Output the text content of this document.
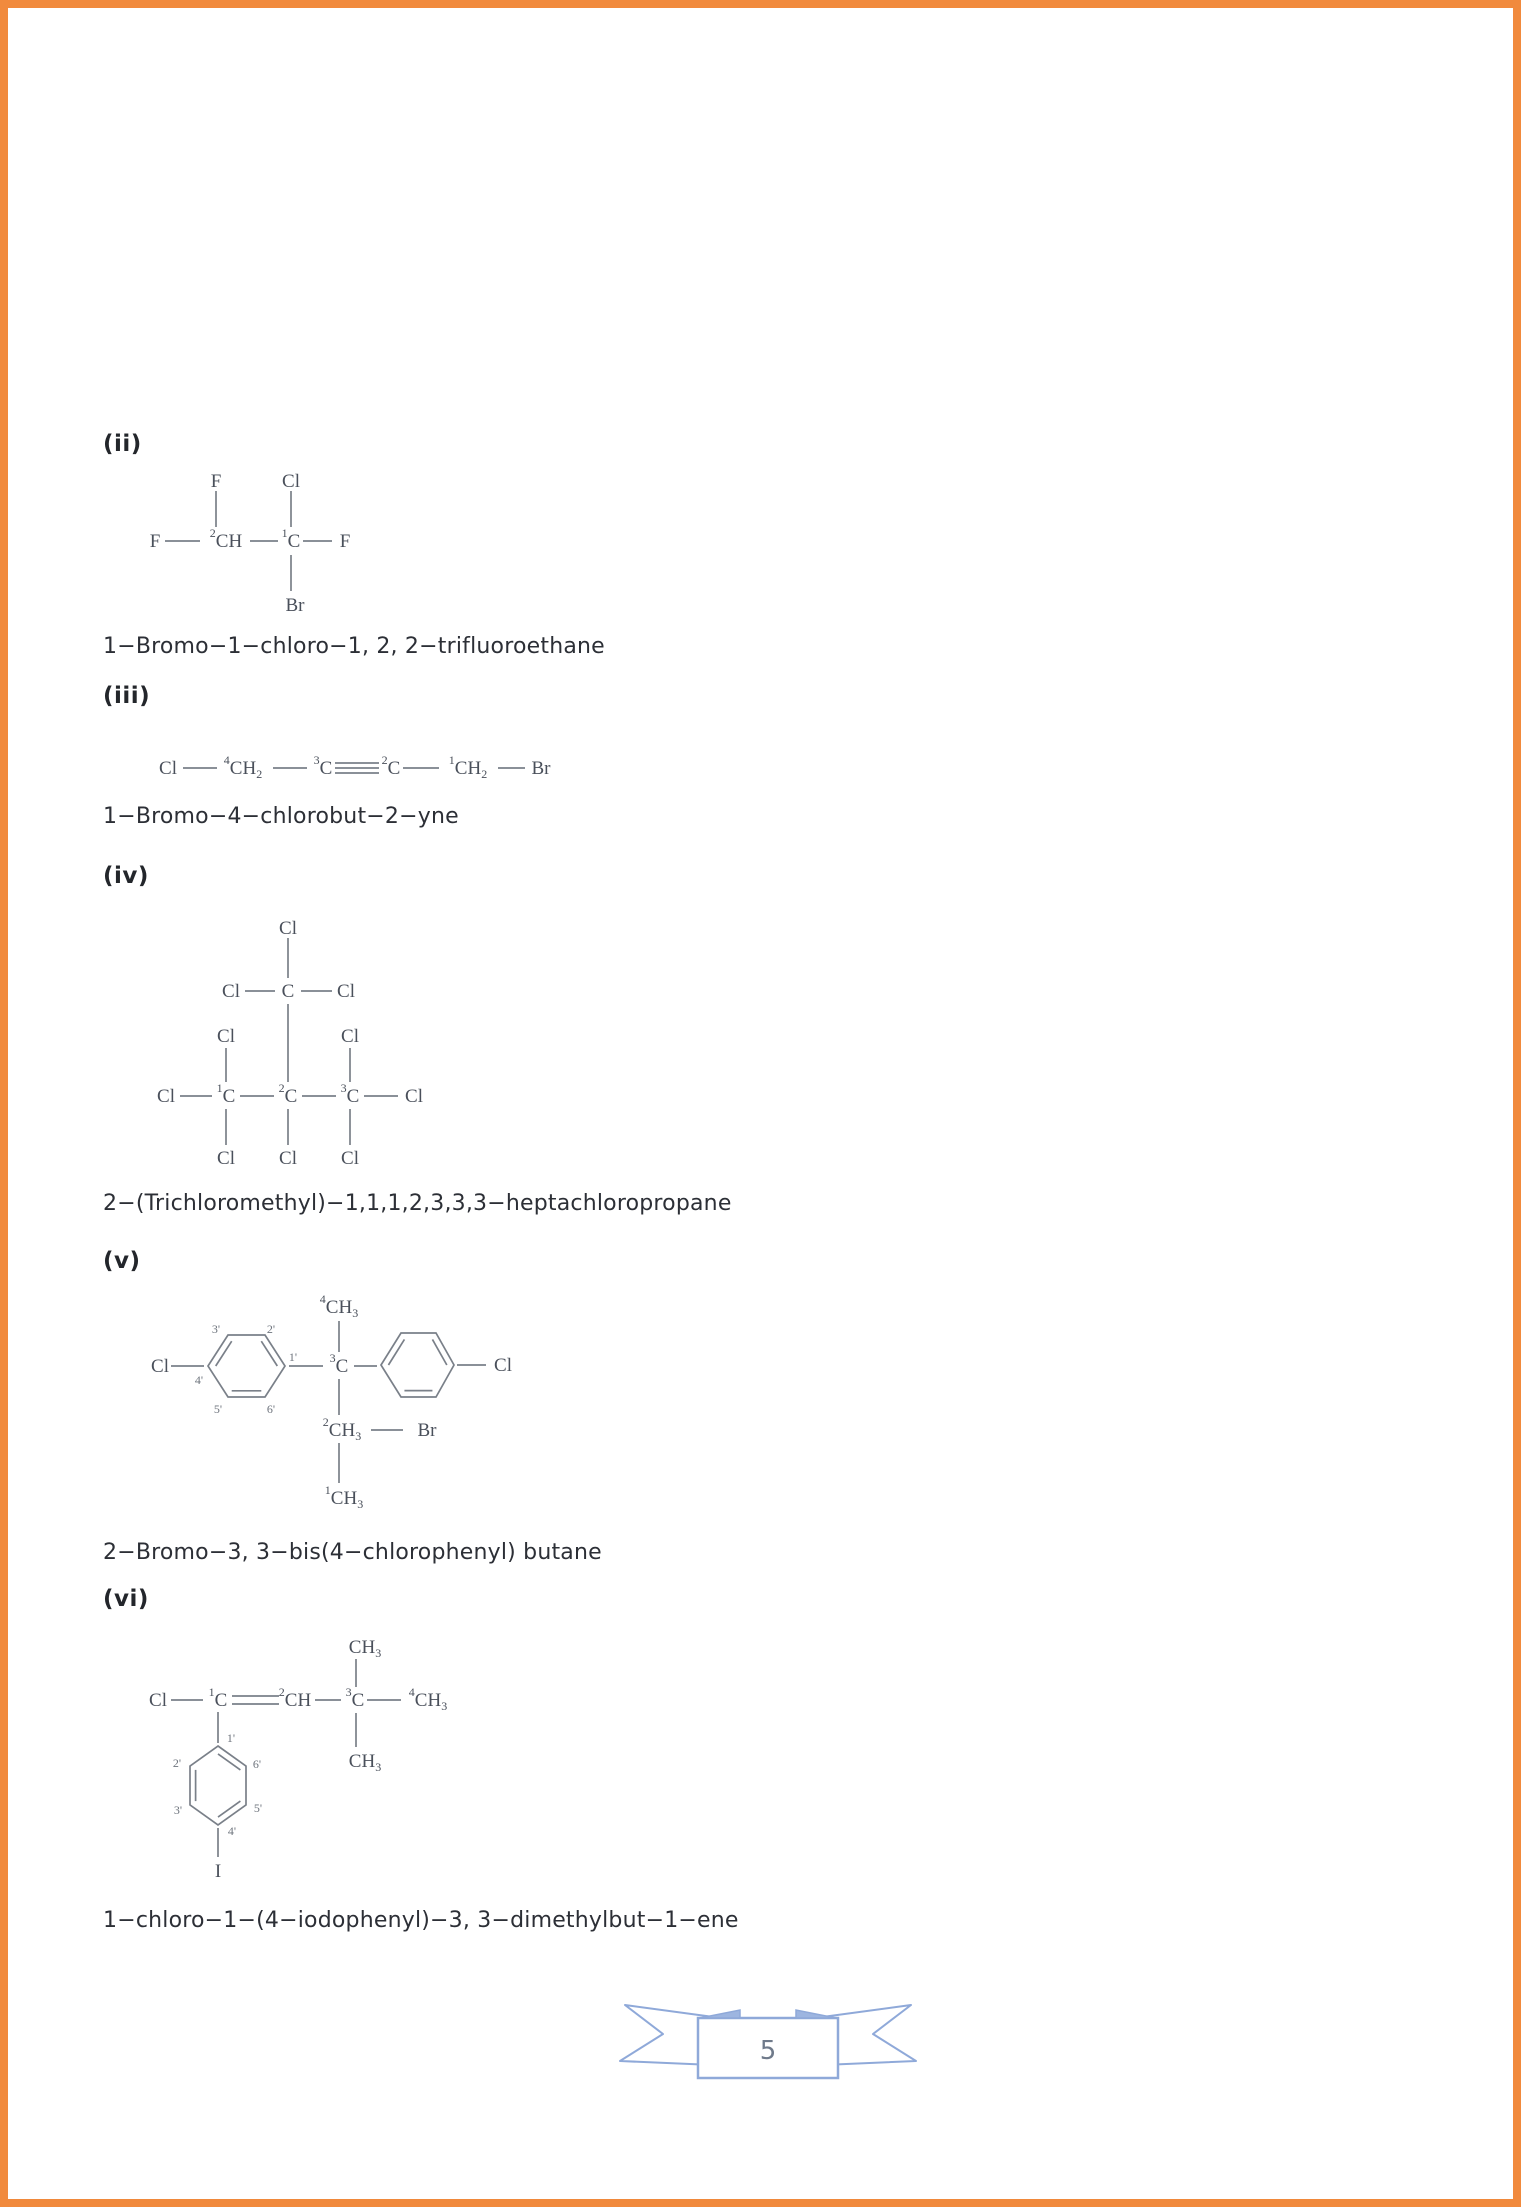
(ii)
F	Cl
F	$^2$CH	$^1$C F
Br
1−Bromo−1−chloro−1, 2, 2−trifluoroethane
(iii)
Cl	$^4CH_2$
$^3$C	$^2$C	$^1CH_2$ Br
1−Bromo−4−chlorobut−2−yne
(iv)
Cl
Cl C Cl
Cl	Cl
Cl	$^1$C	$^2$C	$^3$C Cl
Cl Cl Cl
2−(Trichloromethyl)−1,1,1,2,3,3,3−heptachloropropane
(v)
3'	2'
1'
4'
5'	6'
$^4CH_3$
Cl	$^3$C	Cl
$^2CH_3$	Br
$^1CH_3$
2−Bromo−3, 3−bis(4−chlorophenyl) butane
(vi)
1'
6'
5'
4'
3'
2'
$CH_3$
Cl	$^1$C	$^2$CH	$^3$C	$^4CH_3$
$CH_3$
I
1−chloro−1−(4−iodophenyl)−3, 3−dimethylbut−1−ene
5
